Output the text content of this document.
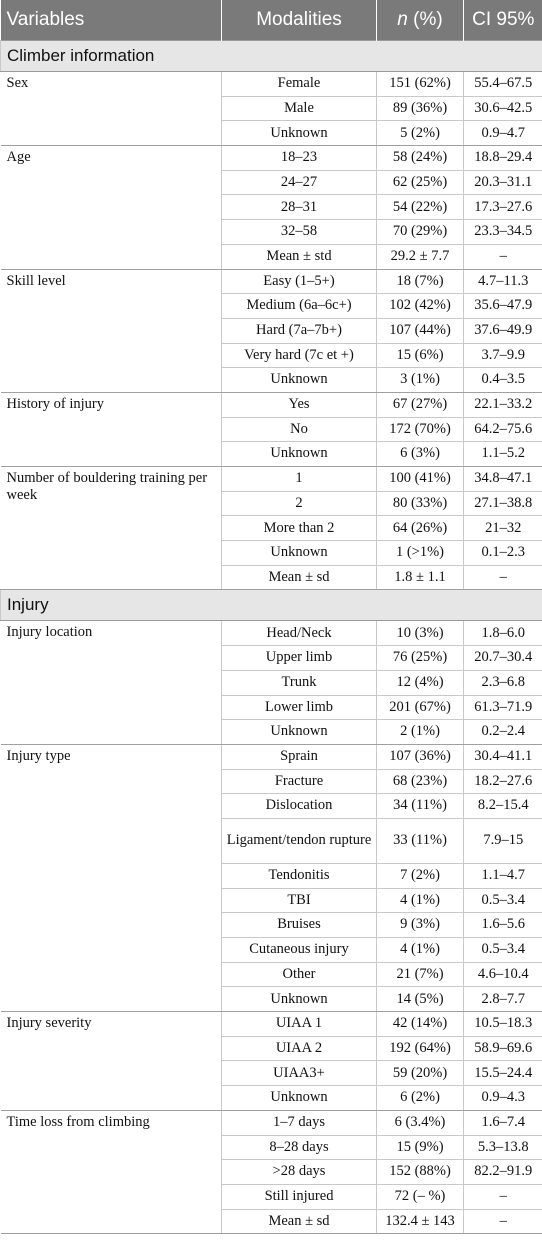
Variables	Modalities	n (%)	CI 95%
Climber information			
Sex	Female	151 (62%)	55.4–67.5
	Male	89 (36%)	30.6–42.5
	Unknown	5 (2%)	0.9–4.7
Age	18–23	58 (24%)	18.8–29.4
	24–27	62 (25%)	20.3–31.1
	28–31	54 (22%)	17.3–27.6
	32–58	70 (29%)	23.3–34.5
	Mean ± std	29.2 ± 7.7	–
Skill level	Easy (1–5+)	18 (7%)	4.7–11.3
	Medium (6a–6c+)	102 (42%)	35.6–47.9
	Hard (7a–7b+)	107 (44%)	37.6–49.9
	Very hard (7c et +)	15 (6%)	3.7–9.9
	Unknown	3 (1%)	0.4–3.5
History of injury	Yes	67 (27%)	22.1–33.2
	No	172 (70%)	64.2–75.6
	Unknown	6 (3%)	1.1–5.2
Number of bouldering training per week	1	100 (41%)	34.8–47.1
	2	80 (33%)	27.1–38.8
	More than 2	64 (26%)	21–32
	Unknown	1 (>1%)	0.1–2.3
	Mean ± sd	1.8 ± 1.1	–
Injury			
Injury location	Head/Neck	10 (3%)	1.8–6.0
	Upper limb	76 (25%)	20.7–30.4
	Trunk	12 (4%)	2.3–6.8
	Lower limb	201 (67%)	61.3–71.9
	Unknown	2 (1%)	0.2–2.4
Injury type	Sprain	107 (36%)	30.4–41.1
	Fracture	68 (23%)	18.2–27.6
	Dislocation	34 (11%)	8.2–15.4
	Ligament/tendon rupture	33 (11%)	7.9–15
	Tendonitis	7 (2%)	1.1–4.7
	TBI	4 (1%)	0.5–3.4
	Bruises	9 (3%)	1.6–5.6
	Cutaneous injury	4 (1%)	0.5–3.4
	Other	21 (7%)	4.6–10.4
	Unknown	14 (5%)	2.8–7.7
Injury severity	UIAA 1	42 (14%)	10.5–18.3
	UIAA 2	192 (64%)	58.9–69.6
	UIAA3+	59 (20%)	15.5–24.4
	Unknown	6 (2%)	0.9–4.3
Time loss from climbing	1–7 days	6 (3.4%)	1.6–7.4
	8–28 days	15 (9%)	5.3–13.8
	>28 days	152 (88%)	82.2–91.9
	Still injured	72 (– %)	–
	Mean ± sd	132.4 ± 143	–
